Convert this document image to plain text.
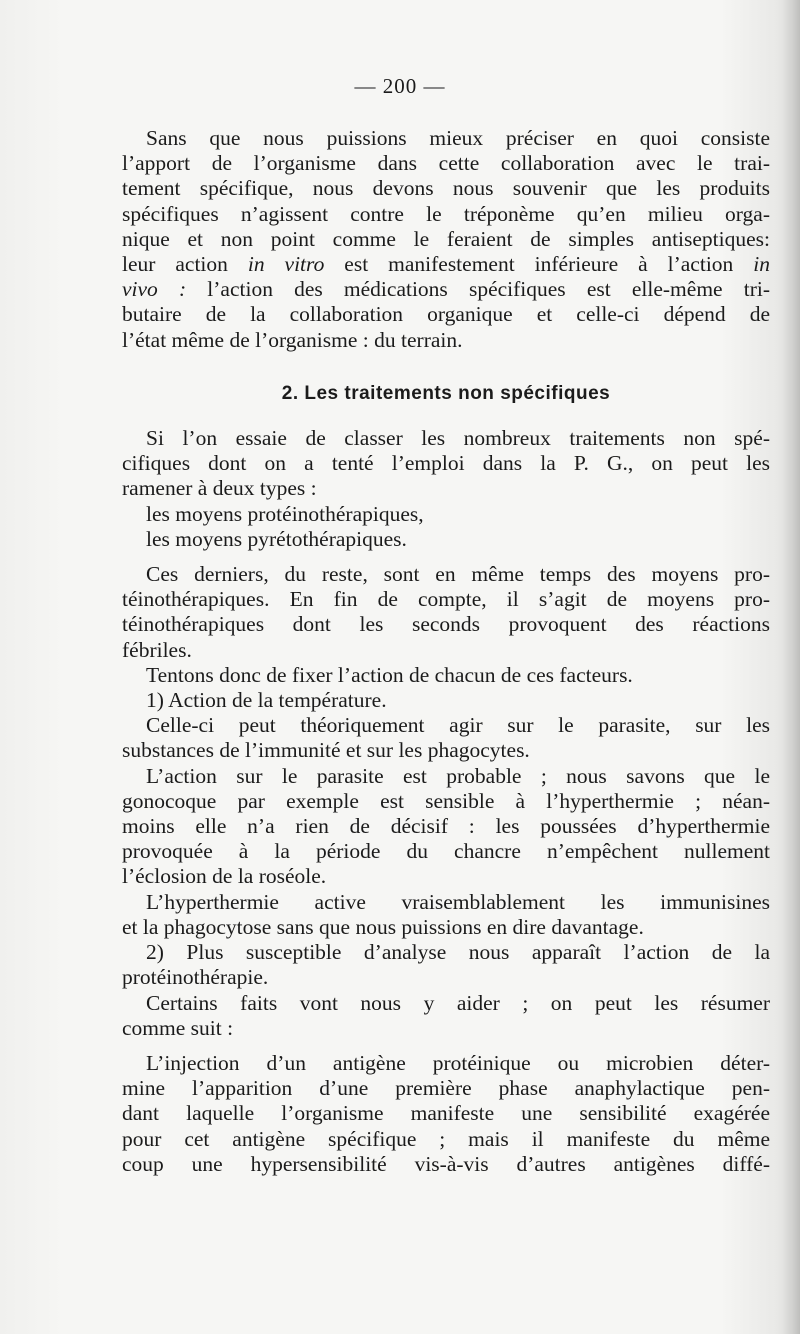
— 200 —

Sans que nous puissions mieux préciser en quoi consiste
l’apport de l’organisme dans cette collaboration avec le trai-
tement spécifique, nous devons nous souvenir que les produits
spécifiques n’agissent contre le tréponème qu’en milieu orga-
nique et non point comme le feraient de simples antiseptiques:
leur action in vitro est manifestement inférieure à l’action in
vivo : l’action des médications spécifiques est elle-même tri-
butaire de la collaboration organique et celle-ci dépend de
l’état même de l’organisme : du terrain.

2. Les traitements non spécifiques

Si l’on essaie de classer les nombreux traitements non spé-
cifiques dont on a tenté l’emploi dans la P. G., on peut les
ramener à deux types :

les moyens protéinothérapiques,

les moyens pyrétothérapiques.

Ces derniers, du reste, sont en même temps des moyens pro-
téinothérapiques. En fin de compte, il s’agit de moyens pro-
téinothérapiques dont les seconds provoquent des réactions
fébriles.

Tentons donc de fixer l’action de chacun de ces facteurs.

1) Action de la température.

Celle-ci peut théoriquement agir sur le parasite, sur les
substances de l’immunité et sur les phagocytes.

L’action sur le parasite est probable ; nous savons que le
gonocoque par exemple est sensible à l’hyperthermie ; néan-
moins elle n’a rien de décisif : les poussées d’hyperthermie
provoquée à la période du chancre n’empêchent nullement
l’éclosion de la roséole.

L’hyperthermie active vraisemblablement les immunisines
et la phagocytose sans que nous puissions en dire davantage.

2) Plus susceptible d’analyse nous apparaît l’action de la
protéinothérapie.

Certains faits vont nous y aider ; on peut les résumer
comme suit :

L’injection d’un antigène protéinique ou microbien déter-
mine l’apparition d’une première phase anaphylactique pen-
dant laquelle l’organisme manifeste une sensibilité exagérée
pour cet antigène spécifique ; mais il manifeste du même
coup une hypersensibilité vis-à-vis d’autres antigènes diffé-
